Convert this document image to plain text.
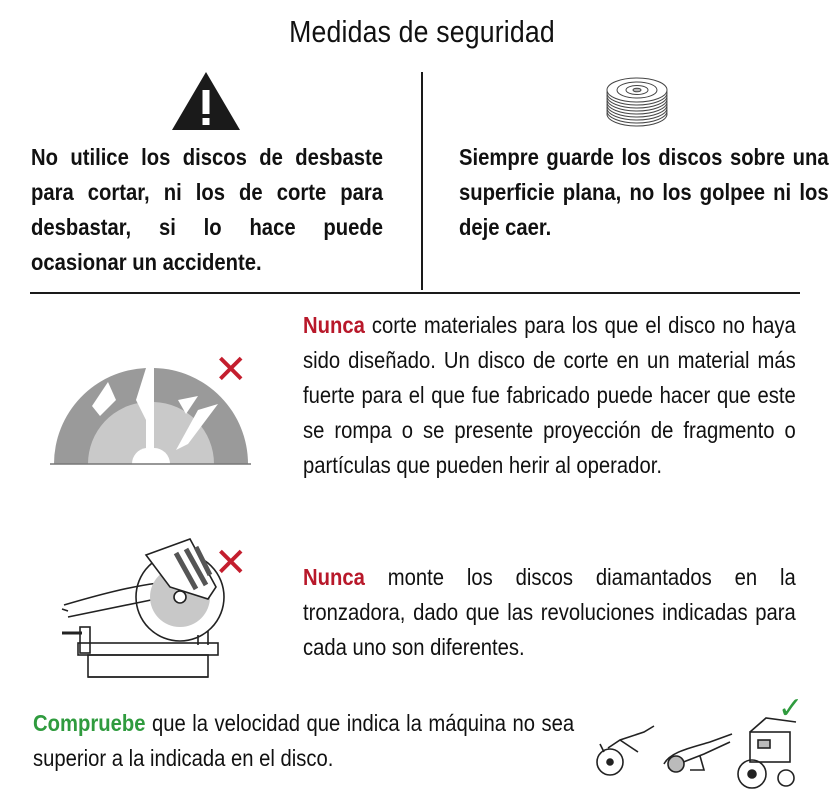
Medidas de seguridad
No utilice los discos de desbaste para cortar, ni los de corte para desbastar, si lo hace puede ocasionar un accidente.
Siempre guarde los discos sobre una superficie plana, no los golpee ni los deje caer.
✕
Nunca corte materiales para los que el disco no haya sido diseñado. Un disco de corte en un material más fuerte para el que fue fabricado puede hacer que este se rompa o se presente proyección de fragmento o partículas que pueden herir al operador.
✕ Nunca monte los discos diamantados en la tronzadora, dado que las revoluciones indicadas para cada uno son diferentes.
Compruebe que la velocidad que indica la máquina no sea superior a la indicada en el disco.
✓
